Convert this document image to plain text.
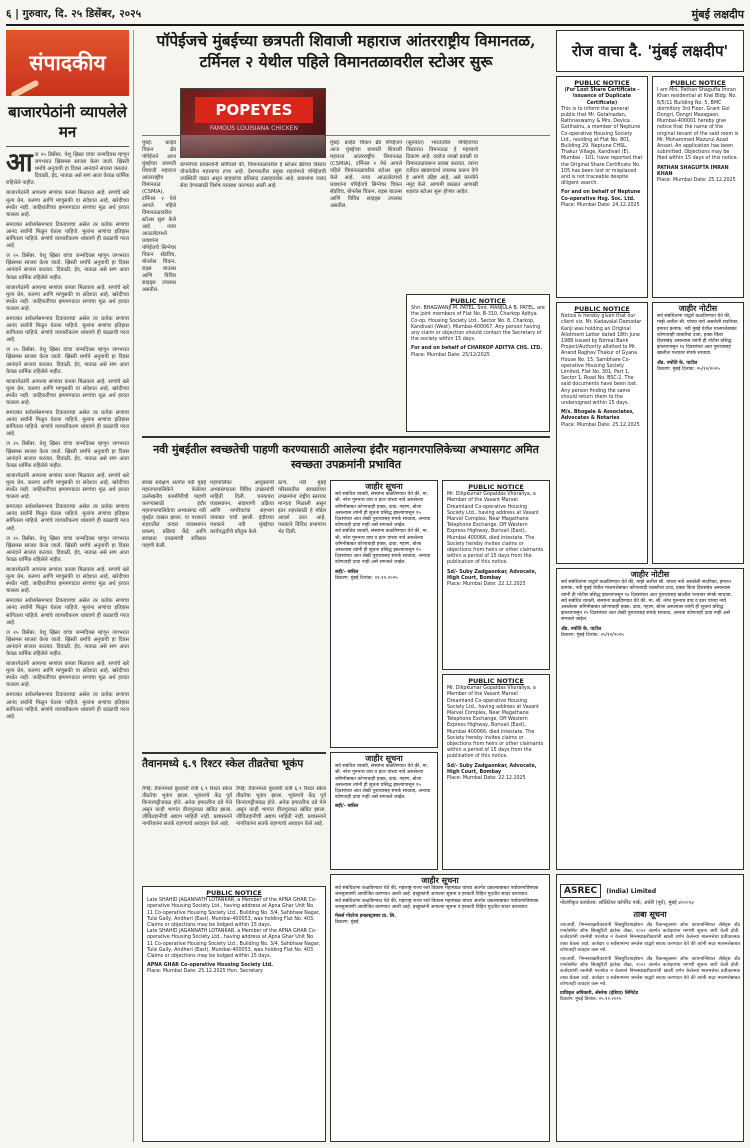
६ | गुरुवार, दि. २५ डिसेंबर, २०२५	मुंबई लक्षदीप
संपादकीय
बाजारपेठांनी व्यापलेले मन
आ ज २५ डिसेंबर. येशू ख्रिस्त यांचा जन्मदिवस म्हणून जगभरात ख्रिसमस साजरा केला जातो. ख्रिस्ती धर्माचे अनुयायी हा दिवस आनंदाने साजरा करतात. दिवाळी, ईद, नाताळ असे सण आता केवळ धार्मिक राहिलेले नाहीत.

बाजारपेठांनी आपल्या सणांवर कब्जा मिळवला आहे. सणांचे खरे मूल्य प्रेम, करुणा आणि माणुसकी या संदेशात आहे, खरेदीच्या स्पर्धेत नाही. जाहिरातींच्या झगमगाटात सणांचा मूळ अर्थ हरवत चालला आहे.

समाजात सर्वधर्मसमभाव टिकवायचा असेल तर प्रत्येक सणाचा आनंद सर्वांनी मिळून घेतला पाहिजे. मुलांना सणांचा इतिहास सांगितला पाहिजे. सणांचे व्यापारीकरण थांबवणे ही काळाची गरज आहे.

ज २५ डिसेंबर. येशू ख्रिस्त यांचा जन्मदिवस म्हणून जगभरात ख्रिसमस साजरा केला जातो. ख्रिस्ती धर्माचे अनुयायी हा दिवस आनंदाने साजरा करतात. दिवाळी, ईद, नाताळ असे सण आता केवळ धार्मिक राहिलेले नाहीत.

बाजारपेठांनी आपल्या सणांवर कब्जा मिळवला आहे. सणांचे खरे मूल्य प्रेम, करुणा आणि माणुसकी या संदेशात आहे, खरेदीच्या स्पर्धेत नाही. जाहिरातींच्या झगमगाटात सणांचा मूळ अर्थ हरवत चालला आहे.

समाजात सर्वधर्मसमभाव टिकवायचा असेल तर प्रत्येक सणाचा आनंद सर्वांनी मिळून घेतला पाहिजे. मुलांना सणांचा इतिहास सांगितला पाहिजे. सणांचे व्यापारीकरण थांबवणे ही काळाची गरज आहे.

ज २५ डिसेंबर. येशू ख्रिस्त यांचा जन्मदिवस म्हणून जगभरात ख्रिसमस साजरा केला जातो. ख्रिस्ती धर्माचे अनुयायी हा दिवस आनंदाने साजरा करतात. दिवाळी, ईद, नाताळ असे सण आता केवळ धार्मिक राहिलेले नाहीत.

बाजारपेठांनी आपल्या सणांवर कब्जा मिळवला आहे. सणांचे खरे मूल्य प्रेम, करुणा आणि माणुसकी या संदेशात आहे, खरेदीच्या स्पर्धेत नाही. जाहिरातींच्या झगमगाटात सणांचा मूळ अर्थ हरवत चालला आहे.

समाजात सर्वधर्मसमभाव टिकवायचा असेल तर प्रत्येक सणाचा आनंद सर्वांनी मिळून घेतला पाहिजे. मुलांना सणांचा इतिहास सांगितला पाहिजे. सणांचे व्यापारीकरण थांबवणे ही काळाची गरज आहे.

ज २५ डिसेंबर. येशू ख्रिस्त यांचा जन्मदिवस म्हणून जगभरात ख्रिसमस साजरा केला जातो. ख्रिस्ती धर्माचे अनुयायी हा दिवस आनंदाने साजरा करतात. दिवाळी, ईद, नाताळ असे सण आता केवळ धार्मिक राहिलेले नाहीत.

बाजारपेठांनी आपल्या सणांवर कब्जा मिळवला आहे. सणांचे खरे मूल्य प्रेम, करुणा आणि माणुसकी या संदेशात आहे, खरेदीच्या स्पर्धेत नाही. जाहिरातींच्या झगमगाटात सणांचा मूळ अर्थ हरवत चालला आहे.

समाजात सर्वधर्मसमभाव टिकवायचा असेल तर प्रत्येक सणाचा आनंद सर्वांनी मिळून घेतला पाहिजे. मुलांना सणांचा इतिहास सांगितला पाहिजे. सणांचे व्यापारीकरण थांबवणे ही काळाची गरज आहे.

ज २५ डिसेंबर. येशू ख्रिस्त यांचा जन्मदिवस म्हणून जगभरात ख्रिसमस साजरा केला जातो. ख्रिस्ती धर्माचे अनुयायी हा दिवस आनंदाने साजरा करतात. दिवाळी, ईद, नाताळ असे सण आता केवळ धार्मिक राहिलेले नाहीत.

बाजारपेठांनी आपल्या सणांवर कब्जा मिळवला आहे. सणांचे खरे मूल्य प्रेम, करुणा आणि माणुसकी या संदेशात आहे, खरेदीच्या स्पर्धेत नाही. जाहिरातींच्या झगमगाटात सणांचा मूळ अर्थ हरवत चालला आहे.

समाजात सर्वधर्मसमभाव टिकवायचा असेल तर प्रत्येक सणाचा आनंद सर्वांनी मिळून घेतला पाहिजे. मुलांना सणांचा इतिहास सांगितला पाहिजे. सणांचे व्यापारीकरण थांबवणे ही काळाची गरज आहे.

ज २५ डिसेंबर. येशू ख्रिस्त यांचा जन्मदिवस म्हणून जगभरात ख्रिसमस साजरा केला जातो. ख्रिस्ती धर्माचे अनुयायी हा दिवस आनंदाने साजरा करतात. दिवाळी, ईद, नाताळ असे सण आता केवळ धार्मिक राहिलेले नाहीत.

बाजारपेठांनी आपल्या सणांवर कब्जा मिळवला आहे. सणांचे खरे मूल्य प्रेम, करुणा आणि माणुसकी या संदेशात आहे, खरेदीच्या स्पर्धेत नाही. जाहिरातींच्या झगमगाटात सणांचा मूळ अर्थ हरवत चालला आहे.

समाजात सर्वधर्मसमभाव टिकवायचा असेल तर प्रत्येक सणाचा आनंद सर्वांनी मिळून घेतला पाहिजे. मुलांना सणांचा इतिहास सांगितला पाहिजे. सणांचे व्यापारीकरण थांबवणे ही काळाची गरज आहे.

रोज वाचा दै. 'मुंबई लक्षदीप'
पॉपेईजचे मुंबईच्या छत्रपती शिवाजी महाराज आंतरराष्ट्रीय विमानतळ, टर्मिनल २ येथील पहिले विमानतळावरील स्टोअर सुरू
POPEYES
FAMOUS LOUISIANA CHICKEN
मुंबई: फ्राईड चिकन ब्रँड पॉपेईजने आज मुंबईच्या छत्रपती शिवाजी महाराज आंतरराष्ट्रीय विमानतळ (CSMIA), टर्मिनल २ येथे आपले पहिले विमानतळावरील स्टोअर सुरू केले आहे. नव्या आउटलेटमध्ये प्रवाशांना पॉपेईजचे सिग्नेचर चिकन सँडविच, बोनलेस चिकन, राइस बाउल्स आणि विविध साइड्स उपलब्ध असतील.
कंपनीच्या प्रवक्त्यांनी सांगितले की, विमानतळावरील हे स्टोअर ब्रँडच्या विस्तार योजनेतील महत्त्वाचा टप्पा आहे. देशभरातील प्रमुख शहरांमध्ये पॉपेईजची उपस्थिती वाढत असून ग्राहकांचा प्रतिसाद उत्साहवर्धक आहे. प्रवाशांना जलद सेवा देण्यासाठी विशेष व्यवस्था करण्यात आली आहे.
(सुरुवात) भारतातील पॉपेईजच्या विस्तारात विमानतळ हे महत्त्वाचे ठिकाण आहे. दररोज लाखो प्रवासी या विमानतळावरून प्रवास करतात. त्यांना दर्जेदार खाद्यपदार्थ उपलब्ध करून देणे हे आमचे उद्दिष्ट आहे, असे कंपनीने नमूद केले. आगामी काळात आणखी शहरांत स्टोअर सुरू होणार आहेत.
मुंबई: फ्राईड चिकन ब्रँड पॉपेईजने आज मुंबईच्या छत्रपती शिवाजी महाराज आंतरराष्ट्रीय विमानतळ (CSMIA), टर्मिनल २ येथे आपले पहिले विमानतळावरील स्टोअर सुरू केले आहे. नव्या आउटलेटमध्ये प्रवाशांना पॉपेईजचे सिग्नेचर चिकन सँडविच, बोनलेस चिकन, राइस बाउल्स आणि विविध साइड्स उपलब्ध असतील.
PUBLIC NOTICE
Shri. BHAGWANJI M. PATEL, Smt. MANJULA B. PATEL, are the joint members of Flat No. B-310, Charkop Aditya Co-op. Housing Society Ltd., Sector No. 8, Charkop, Kandivali (West), Mumbai-400067. Any person having any claim or objection should contact the Secretary of the society within 15 days.
For and on behalf of CHARKOP ADITYA CHS. LTD.
Place: Mumbai Date: 25/12/2025
PUBLIC NOTICE
(For Lost Share Certificate - Issuance of Duplicate Certificate)
This is to inform the general public that Mr. Gotalnadan, Rathnaswamy & Mrs. Devica Gotlhalnu, a member of Neptune Co-operative Housing Society Ltd., residing at Flat No. 801, Building 29, Neptune CHSL, Thakur Village, Kandivali (E), Mumbai - 101, have reported that the Original Share Certificate No. 105 has been lost or misplaced and is not traceable despite diligent search.
For and on behalf of Neptune Co-operative Hsg. Soc. Ltd.
Place: Mumbai Date: 24.12.2025
PUBLIC NOTICE
I am Mrs. Pathan Shagufta Imran Khan residential at Kiwi Bldg. No. 6/5/11 Building No. 5, BMC dormitory 3rd Floor, Grant Gol Dongri, Dongri Mazagaon, Mumbai-400001 hereby give notice that the name of the original tenant of the said room is Mr. Mohammed Mazurul Azad Ansari. An application has been submitted. Objections may be filed within 15 days of this notice.
PATHAN SHAGUFTA IMRAN KHAN
Place: Mumbai Date: 25.12.2025
PUBLIC NOTICE
Notice is hereby given that our client viz. Mr. Kadavalal Damodar Kanji was holding an Original Allotment Letter dated 18th June 1988 issued by Nirmal Bank Project/Authority allotted to Mr. Anand Raghav Thakur of Gyana House No. 15, Sambhare Co-operative Housing Society Limited, Flat No. 301, Part 1, Sector 1, Road No. BSC-2. The said documents have been lost. Any person finding the same should return them to the undersigned within 15 days.
M/s. Bhogale & Associates, Advocates & Notaries
Place: Mumbai Date: 25.12.2025
जाहीर नोटीस
सर्व संबंधितांना याद्वारे कळविण्यात येते की, माझे अशील श्री. यांच्या नावे असलेली सदनिका, इमारत क्रमांक, नवी मुंबई येथील मालमत्तेबाबत कोणत्याही व्यक्तीचा दावा, हक्क किंवा हितसंबंध असल्यास त्यांनी ही नोटीस प्रसिद्ध झाल्यापासून १४ दिवसांच्या आत पुराव्यासह खालील पत्त्यावर संपर्क साधावा.
ॲड. ज्योति के. पाटील
ठिकाण: मुंबई दिनांक: २५/१२/२०२५
जाहीर नोटीस
सर्व संबंधितांना याद्वारे कळविण्यात येते की, माझे अशील श्री. यांच्या नावे असलेली सदनिका, इमारत क्रमांक, नवी मुंबई येथील मालमत्तेबाबत कोणत्याही व्यक्तीचा दावा, हक्क किंवा हितसंबंध असल्यास त्यांनी ही नोटीस प्रसिद्ध झाल्यापासून १४ दिवसांच्या आत पुराव्यासह खालील पत्त्यावर संपर्क साधावा.
सर्व संबंधित व्यक्ती, संस्थांना कळविण्यात येते की, मा. श्री. नरेश गुरुनाथ वाघ व इतर यांच्या नावे असलेल्या जमिनीबाबत कोणाचाही हक्क, दावा, गहाण, बोजा असल्यास त्यांनी ही सूचना प्रसिद्ध झाल्यापासून १५ दिवसांच्या आत लेखी पुराव्यासह संपर्क साधावा, अन्यथा कोणताही दावा नाही असे समजले जाईल.
ॲड. ज्योति के. पाटील
ठिकाण: मुंबई दिनांक: २५/१२/२०२५
ASREC (India) Limited
नोंदणीकृत कार्यालय: सॉलिटेयर कॉर्पोरेट पार्क, अंधेरी (पूर्व), मुंबई ४०००९३
ताबा सूचना
ज्याअर्थी, निम्नस्वाक्षरीकारांनी सिक्युरिटायझेशन अँड रिकन्स्ट्रक्शन ऑफ फायनान्शियल ॲसेट्स अँड एन्फोर्समेंट ऑफ सिक्युरिटी इंटरेस्ट ॲक्ट, २००२ अंतर्गत कर्जदारांना मागणी सूचना जारी केली होती. कर्जदारांनी रकमेची परतफेड न केल्याने निम्नस्वाक्षरीकारांनी खाली वर्णन केलेल्या मालमत्तेचा प्रतीकात्मक ताबा घेतला आहे. कर्जदार व सर्वसामान्य जनतेस याद्वारे सावध करण्यात येते की त्यांनी सदर मालमत्तेबाबत कोणताही व्यवहार करू नये.
ज्याअर्थी, निम्नस्वाक्षरीकारांनी सिक्युरिटायझेशन अँड रिकन्स्ट्रक्शन ऑफ फायनान्शियल ॲसेट्स अँड एन्फोर्समेंट ऑफ सिक्युरिटी इंटरेस्ट ॲक्ट, २००२ अंतर्गत कर्जदारांना मागणी सूचना जारी केली होती. कर्जदारांनी रकमेची परतफेड न केल्याने निम्नस्वाक्षरीकारांनी खाली वर्णन केलेल्या मालमत्तेचा प्रतीकात्मक ताबा घेतला आहे. कर्जदार व सर्वसामान्य जनतेस याद्वारे सावध करण्यात येते की त्यांनी सदर मालमत्तेबाबत कोणताही व्यवहार करू नये.
प्राधिकृत अधिकारी, ॲसरेक (इंडिया) लिमिटेड
ठिकाण: मुंबई दिनांक: २५.१२.२०२५
नवी मुंबईतील स्वच्छतेची पाहणी करण्यासाठी आलेल्या इंदौर महानगरपालिकेच्या अभ्यासगट अमित स्वच्छता उपक्रमांनी प्रभावित
स्वच्छ सर्वेक्षण अंतर्गत नवी मुंबई महानगरपालिकेने केलेल्या उल्लेखनीय कामगिरीची पाहणी करण्यासाठी इंदौर महानगरपालिकेचा अभ्यासगट नवी मुंबईत दाखल झाला. या पथकाने शहरातील कचरा व्यवस्थापन प्रकल्प, प्रक्रिया केंद्रे आणि स्वच्छता उपक्रमांची सविस्तर पाहणी केली.
महापालिका आयुक्तांनी अभ्यासगटाला विविध उपक्रमांची माहिती दिली. घनकचरा व्यवस्थापन, सांडपाणी प्रक्रिया आणि नागरिकांचा सहभाग याबाबत चर्चा झाली. इंदौरच्या पथकाने नवी मुंबईच्या कार्यपद्धतीचे कौतुक केले.
ठाणे, नवी मुंबई परिसरातील स्वच्छतेच्या उपक्रमांना राष्ट्रीय स्तरावर मान्यता मिळाली असून इतर शहरांसाठी हे मॉडेल आदर्श ठरत आहे. पथकाने विविध प्रभागांना भेट दिली.
जाहीर सूचना
सर्व संबंधित व्यक्ती, संस्थांना कळविण्यात येते की, मा. श्री. नरेश गुरुनाथ वाघ व इतर यांच्या नावे असलेल्या जमिनीबाबत कोणाचाही हक्क, दावा, गहाण, बोजा असल्यास त्यांनी ही सूचना प्रसिद्ध झाल्यापासून १५ दिवसांच्या आत लेखी पुराव्यासह संपर्क साधावा, अन्यथा कोणताही दावा नाही असे समजले जाईल.
सर्व संबंधित व्यक्ती, संस्थांना कळविण्यात येते की, मा. श्री. नरेश गुरुनाथ वाघ व इतर यांच्या नावे असलेल्या जमिनीबाबत कोणाचाही हक्क, दावा, गहाण, बोजा असल्यास त्यांनी ही सूचना प्रसिद्ध झाल्यापासून १५ दिवसांच्या आत लेखी पुराव्यासह संपर्क साधावा, अन्यथा कोणताही दावा नाही असे समजले जाईल.
सही/- वकील
ठिकाण: मुंबई दिनांक: २२.१२.२०२५
PUBLIC NOTICE
Mr. Dilipkumar Gopaldas Vhoraliya, a Member of the Vasant Marvel Dreamland Co-operative Housing Society Ltd., having address at Vasant Marvel Complex, Near Magathane Telephone Exchange, Off Western Express Highway, Borivali (East), Mumbai 400066, died intestate. The Society hereby invites claims or objections from heirs or other claimants within a period of 15 days from the publication of this notice.
Sd/- Suby Zadgaonkar, Advocate, High Court, Bombay
Place: Mumbai Date: 22.12.2025
PUBLIC NOTICE
Mr. Dilipkumar Gopaldas Vhoraliya, a Member of the Vasant Marvel Dreamland Co-operative Housing Society Ltd., having address at Vasant Marvel Complex, Near Magathane Telephone Exchange, Off Western Express Highway, Borivali (East), Mumbai 400066, died intestate. The Society hereby invites claims or objections from heirs or other claimants within a period of 15 days from the publication of this notice.
Sd/- Suby Zadgaonkar, Advocate, High Court, Bombay
Place: Mumbai Date: 22.12.2025
तैवानमध्ये ६.९ रिश्टर स्केल तीव्रतेचा भूकंप
तैपेई: तैवानमध्ये बुधवारी रात्री ६.९ रिश्टर स्केल तीव्रतेचा भूकंप झाला. भूकंपाचे केंद्र पूर्व किनारपट्टीजवळ होते. अनेक इमारतींना तडे गेले असून काही भागांत वीजपुरवठा खंडित झाला. जीवितहानीची अद्याप माहिती नाही. प्रशासनाने नागरिकांना सतर्क राहण्याचे आवाहन केले आहे.
तैपेई: तैवानमध्ये बुधवारी रात्री ६.९ रिश्टर स्केल तीव्रतेचा भूकंप झाला. भूकंपाचे केंद्र पूर्व किनारपट्टीजवळ होते. अनेक इमारतींना तडे गेले असून काही भागांत वीजपुरवठा खंडित झाला. जीवितहानीची अद्याप माहिती नाही. प्रशासनाने नागरिकांना सतर्क राहण्याचे आवाहन केले आहे.
जाहीर सूचना
सर्व संबंधित व्यक्ती, संस्थांना कळविण्यात येते की, मा. श्री. नरेश गुरुनाथ वाघ व इतर यांच्या नावे असलेल्या जमिनीबाबत कोणाचाही हक्क, दावा, गहाण, बोजा असल्यास त्यांनी ही सूचना प्रसिद्ध झाल्यापासून १५ दिवसांच्या आत लेखी पुराव्यासह संपर्क साधावा, अन्यथा कोणताही दावा नाही असे समजले जाईल.
सही/- वकील
PUBLIC NOTICE
Late SHAHID JAGANNATH LOTANKAR, a Member of the APNA GHAR Co-operative Housing Society Ltd., having address at Apna Ghar Unit No. 11 Co-operative Housing Society Ltd., Building No. 3/4, Sahbhaw Nagar, Tulsi Gally, Andheri (East), Mumbai-400053, was holding Flat No. 403. Claims or objections may be lodged within 15 days.
Late SHAHID JAGANNATH LOTANKAR, a Member of the APNA GHAR Co-operative Housing Society Ltd., having address at Apna Ghar Unit No. 11 Co-operative Housing Society Ltd., Building No. 3/4, Sahbhaw Nagar, Tulsi Gally, Andheri (East), Mumbai-400053, was holding Flat No. 403. Claims or objections may be lodged within 15 days.
APNA GHAR Co-operative Housing Society Ltd.
Place: Mumbai Date: 25.12.2025 Hon. Secretary
जाहीर सूचना
सर्व संबंधितांना कळविण्यात येते की, महाराष्ट्र राज्य रस्ते विकास महामंडळ यांच्या अंतर्गत प्रकल्पाबाबत पर्यावरणविषयक जनसुनावणी आयोजित करण्यात आली आहे. इच्छुकांनी आपल्या सूचना व हरकती विहित मुदतीत सादर कराव्यात.
सर्व संबंधितांना कळविण्यात येते की, महाराष्ट्र राज्य रस्ते विकास महामंडळ यांच्या अंतर्गत प्रकल्पाबाबत पर्यावरणविषयक जनसुनावणी आयोजित करण्यात आली आहे. इच्छुकांनी आपल्या सूचना व हरकती विहित मुदतीत सादर कराव्यात.
मेसर्स गोदरेज इन्फ्रास्ट्रक्चर प्रा. लि.
ठिकाण: मुंबई
